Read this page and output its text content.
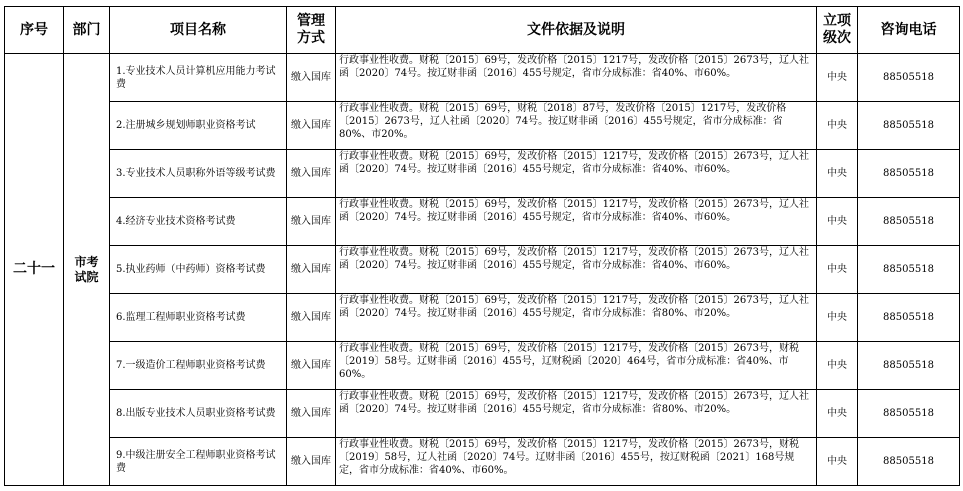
序号	部门	项目名称	管理方式	文件依据及说明	立项级次	咨询电话
二十一	市考试院	1.专业技术人员计算机应用能力考试费	缴入国库	行政事业性收费。财税〔2015〕69号，发改价格〔2015〕1217号，发改价格〔2015〕2673号，辽人社函〔2020〕74号。按辽财非函〔2016〕455号规定，省市分成标准：省40%、市60%。	中央	88505518
		2.注册城乡规划师职业资格考试	缴入国库	行政事业性收费。财税〔2015〕69号，财税〔2018〕87号，发改价格〔2015〕1217号，发改价格〔2015〕2673号，辽人社函〔2020〕74号。按辽财非函〔2016〕455号规定，省市分成标准：省80%、市20%。	中央	88505518
		3.专业技术人员职称外语等级考试费	缴入国库	行政事业性收费。财税〔2015〕69号，发改价格〔2015〕1217号，发改价格〔2015〕2673号，辽人社函〔2020〕74号。按辽财非函〔2016〕455号规定，省市分成标准：省40%、市60%。	中央	88505518
		4.经济专业技术资格考试费	缴入国库	行政事业性收费。财税〔2015〕69号，发改价格〔2015〕1217号，发改价格〔2015〕2673号，辽人社函〔2020〕74号。按辽财非函〔2016〕455号规定，省市分成标准：省40%、市60%。	中央	88505518
		5.执业药师（中药师）资格考试费	缴入国库	行政事业性收费。财税〔2015〕69号，发改价格〔2015〕1217号，发改价格〔2015〕2673号，辽人社函〔2020〕74号。按辽财非函〔2016〕455号规定，省市分成标准：省40%、市60%。	中央	88505518
		6.监理工程师职业资格考试费	缴入国库	行政事业性收费。财税〔2015〕69号，发改价格〔2015〕1217号，发改价格〔2015〕2673号，辽人社函〔2020〕74号。按辽财非函〔2016〕455号规定，省市分成标准：省80%、市20%。	中央	88505518
		7.一级造价工程师职业资格考试费	缴入国库	行政事业性收费。财税〔2015〕69号，发改价格〔2015〕1217号，发改价格〔2015〕2673号，财税〔2019〕58号。辽财非函〔2016〕455号，辽财税函〔2020〕464号，省市分成标准：省40%、市60%。	中央	88505518
		8.出版专业技术人员职业资格考试费	缴入国库	行政事业性收费。财税〔2015〕69号，发改价格〔2015〕1217号，发改价格〔2015〕2673号，辽人社函〔2020〕74号。按辽财非函〔2016〕455号规定，省市分成标准：省80%、市20%。	中央	88505518
		9.中级注册安全工程师职业资格考试费	缴入国库	行政事业性收费。财税〔2015〕69号，发改价格〔2015〕1217号，发改价格〔2015〕2673号，财税〔2019〕58号，辽人社函〔2020〕74号。辽财非函〔2016〕455号，按辽财税函〔2021〕168号规定，省市分成标准：省40%、市60%。	中央	88505518
